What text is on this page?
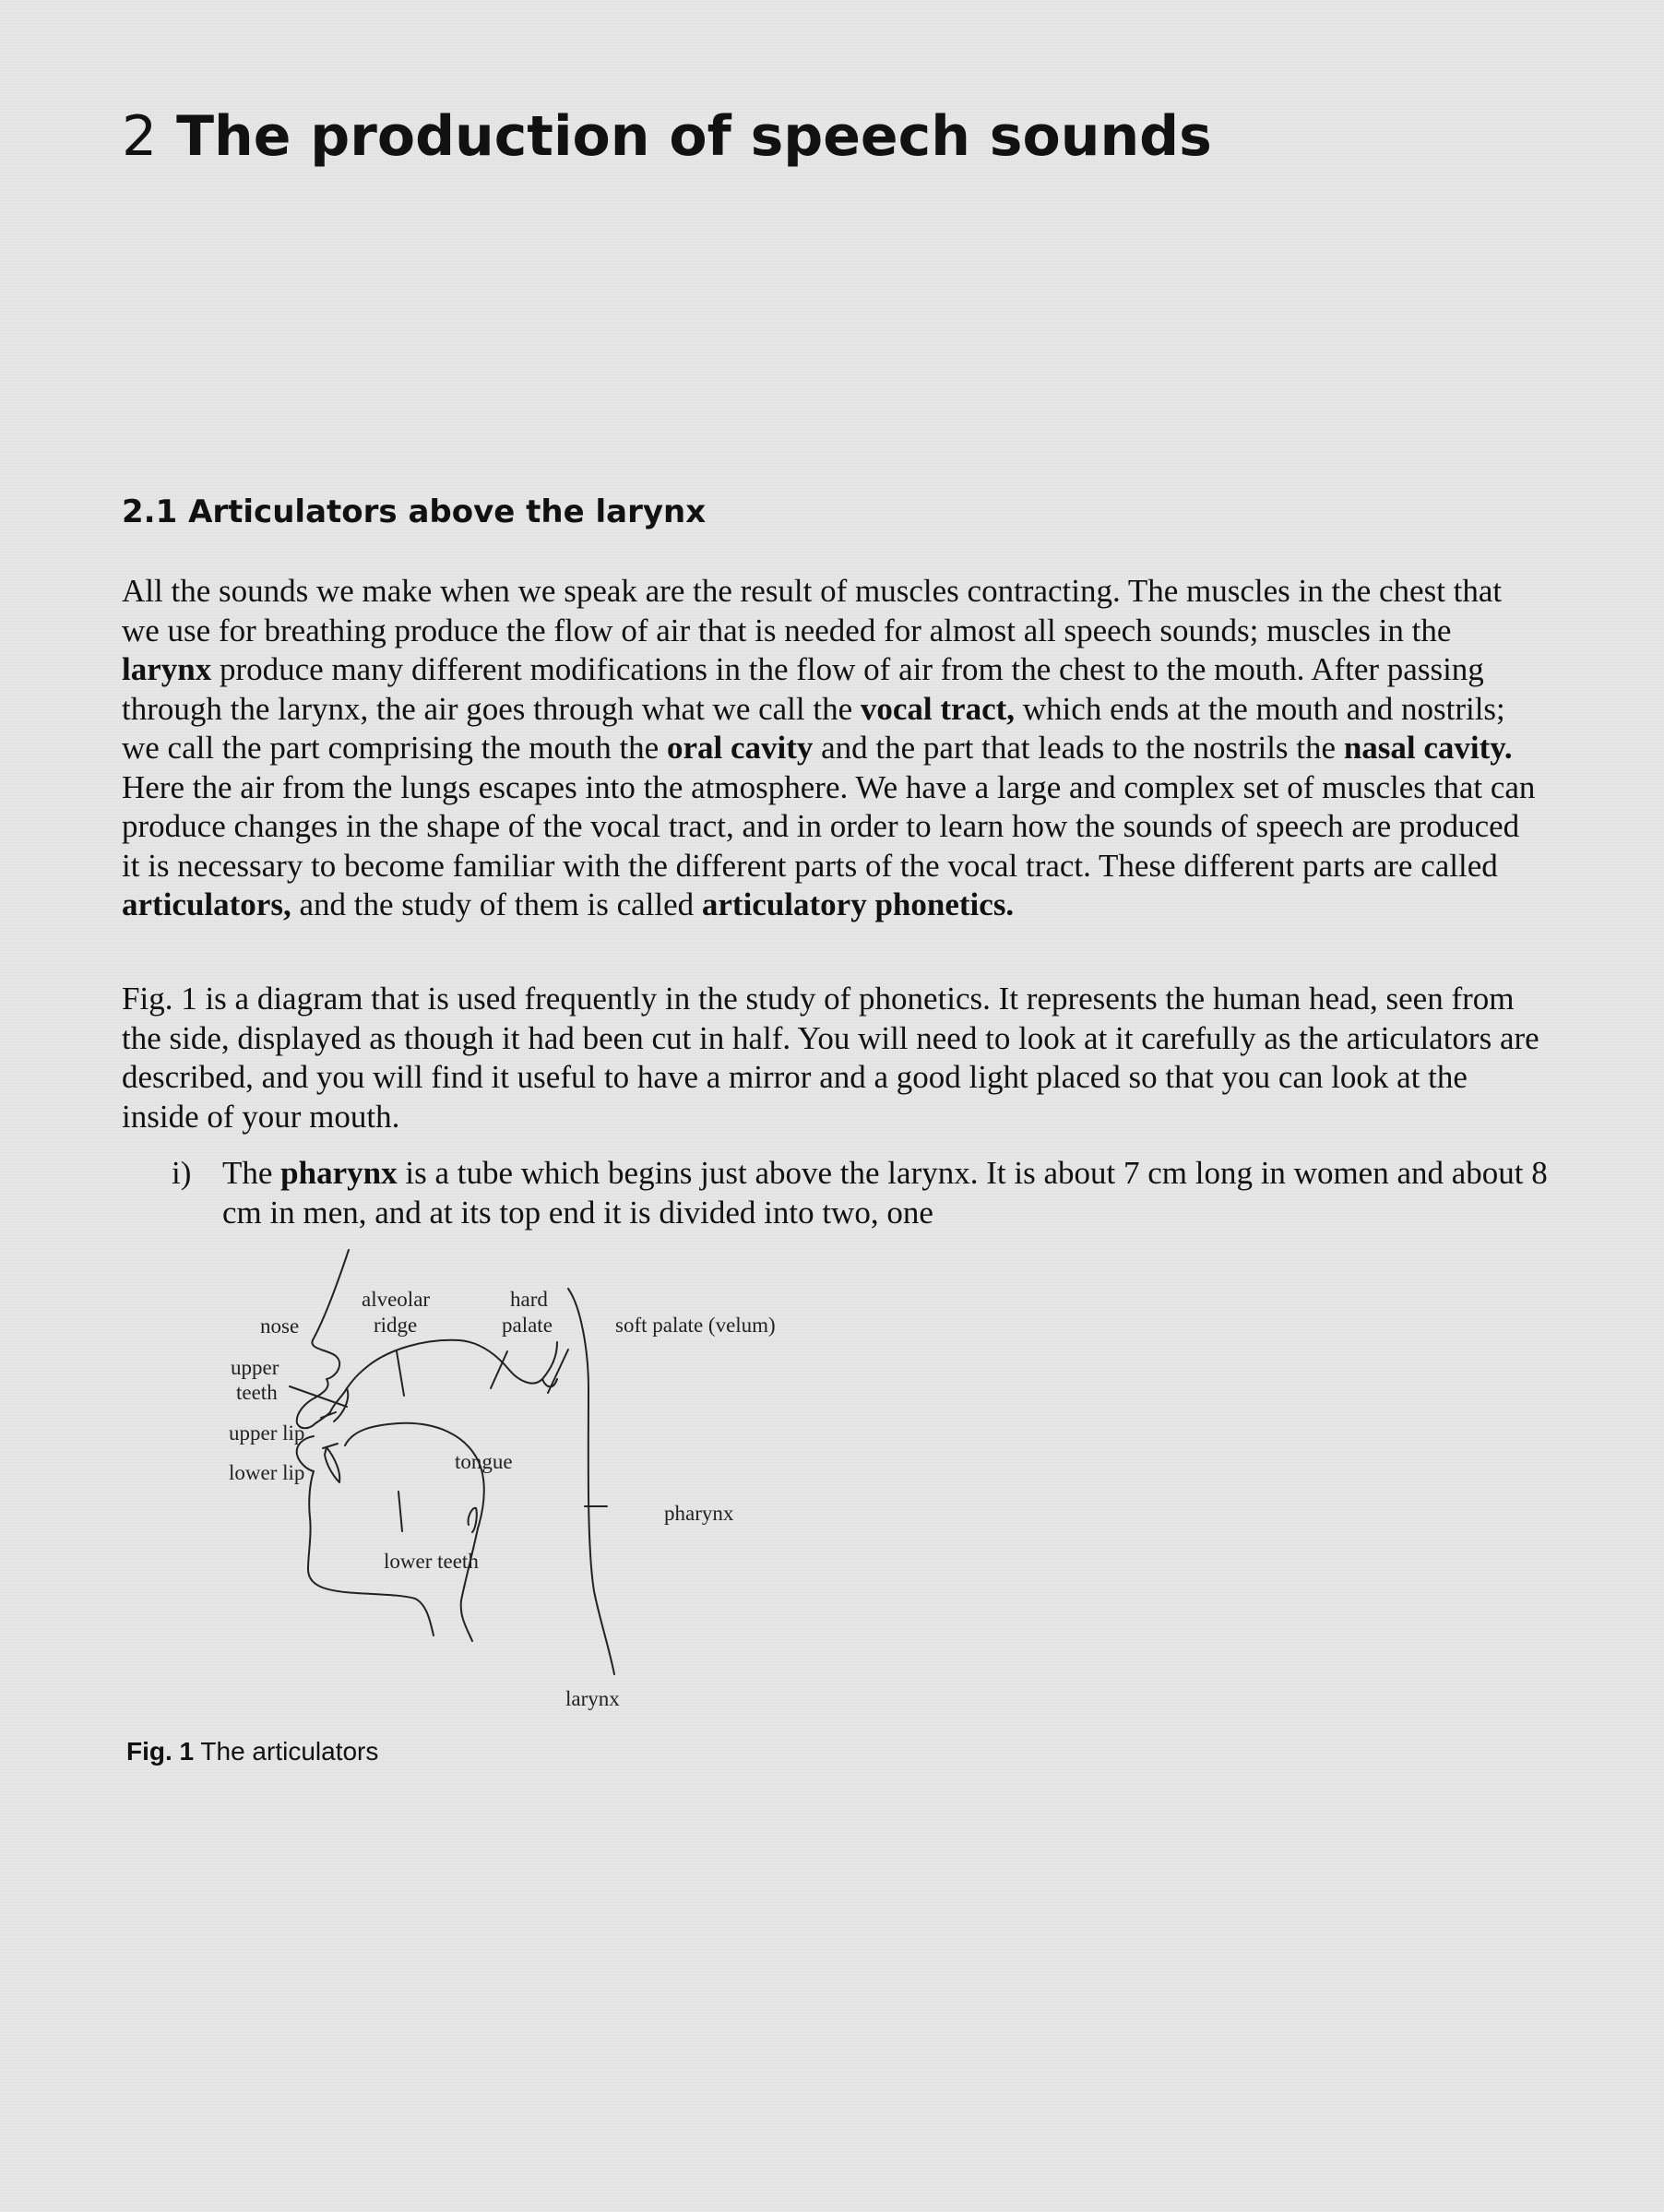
2 The production of speech sounds
2.1 Articulators above the larynx

All the sounds we make when we speak are the result of muscles contracting. The muscles in the chest that we use for breathing produce the flow of air that is needed for almost all speech sounds; muscles in the larynx produce many different modifications in the flow of air from the chest to the mouth. After passing through the larynx, the air goes through what we call the vocal tract, which ends at the mouth and nostrils; we call the part comprising the mouth the oral cavity and the part that leads to the nostrils the nasal cavity. Here the air from the lungs escapes into the atmosphere. We have a large and complex set of muscles that can produce changes in the shape of the vocal tract, and in order to learn how the sounds of speech are produced it is necessary to become familiar with the different parts of the vocal tract. These different parts are called articulators, and the study of them is called articulatory phonetics.

Fig. 1 is a diagram that is used frequently in the study of phonetics. It represents the human head, seen from the side, displayed as though it had been cut in half. You will need to look at it carefully as the articulators are described, and you will find it useful to have a mirror and a good light placed so that you can look at the inside of your mouth.

i) The pharynx is a tube which begins just above the larynx. It is about 7 cm long in women and about 8 cm in men, and at its top end it is divided into two, one
nose
alveolar
ridge
hard
palate	soft palate (velum)
upper
teeth
upper lip
lower lip	tongue
pharynx
lower teeth
larynx
Fig. 1 The articulators
